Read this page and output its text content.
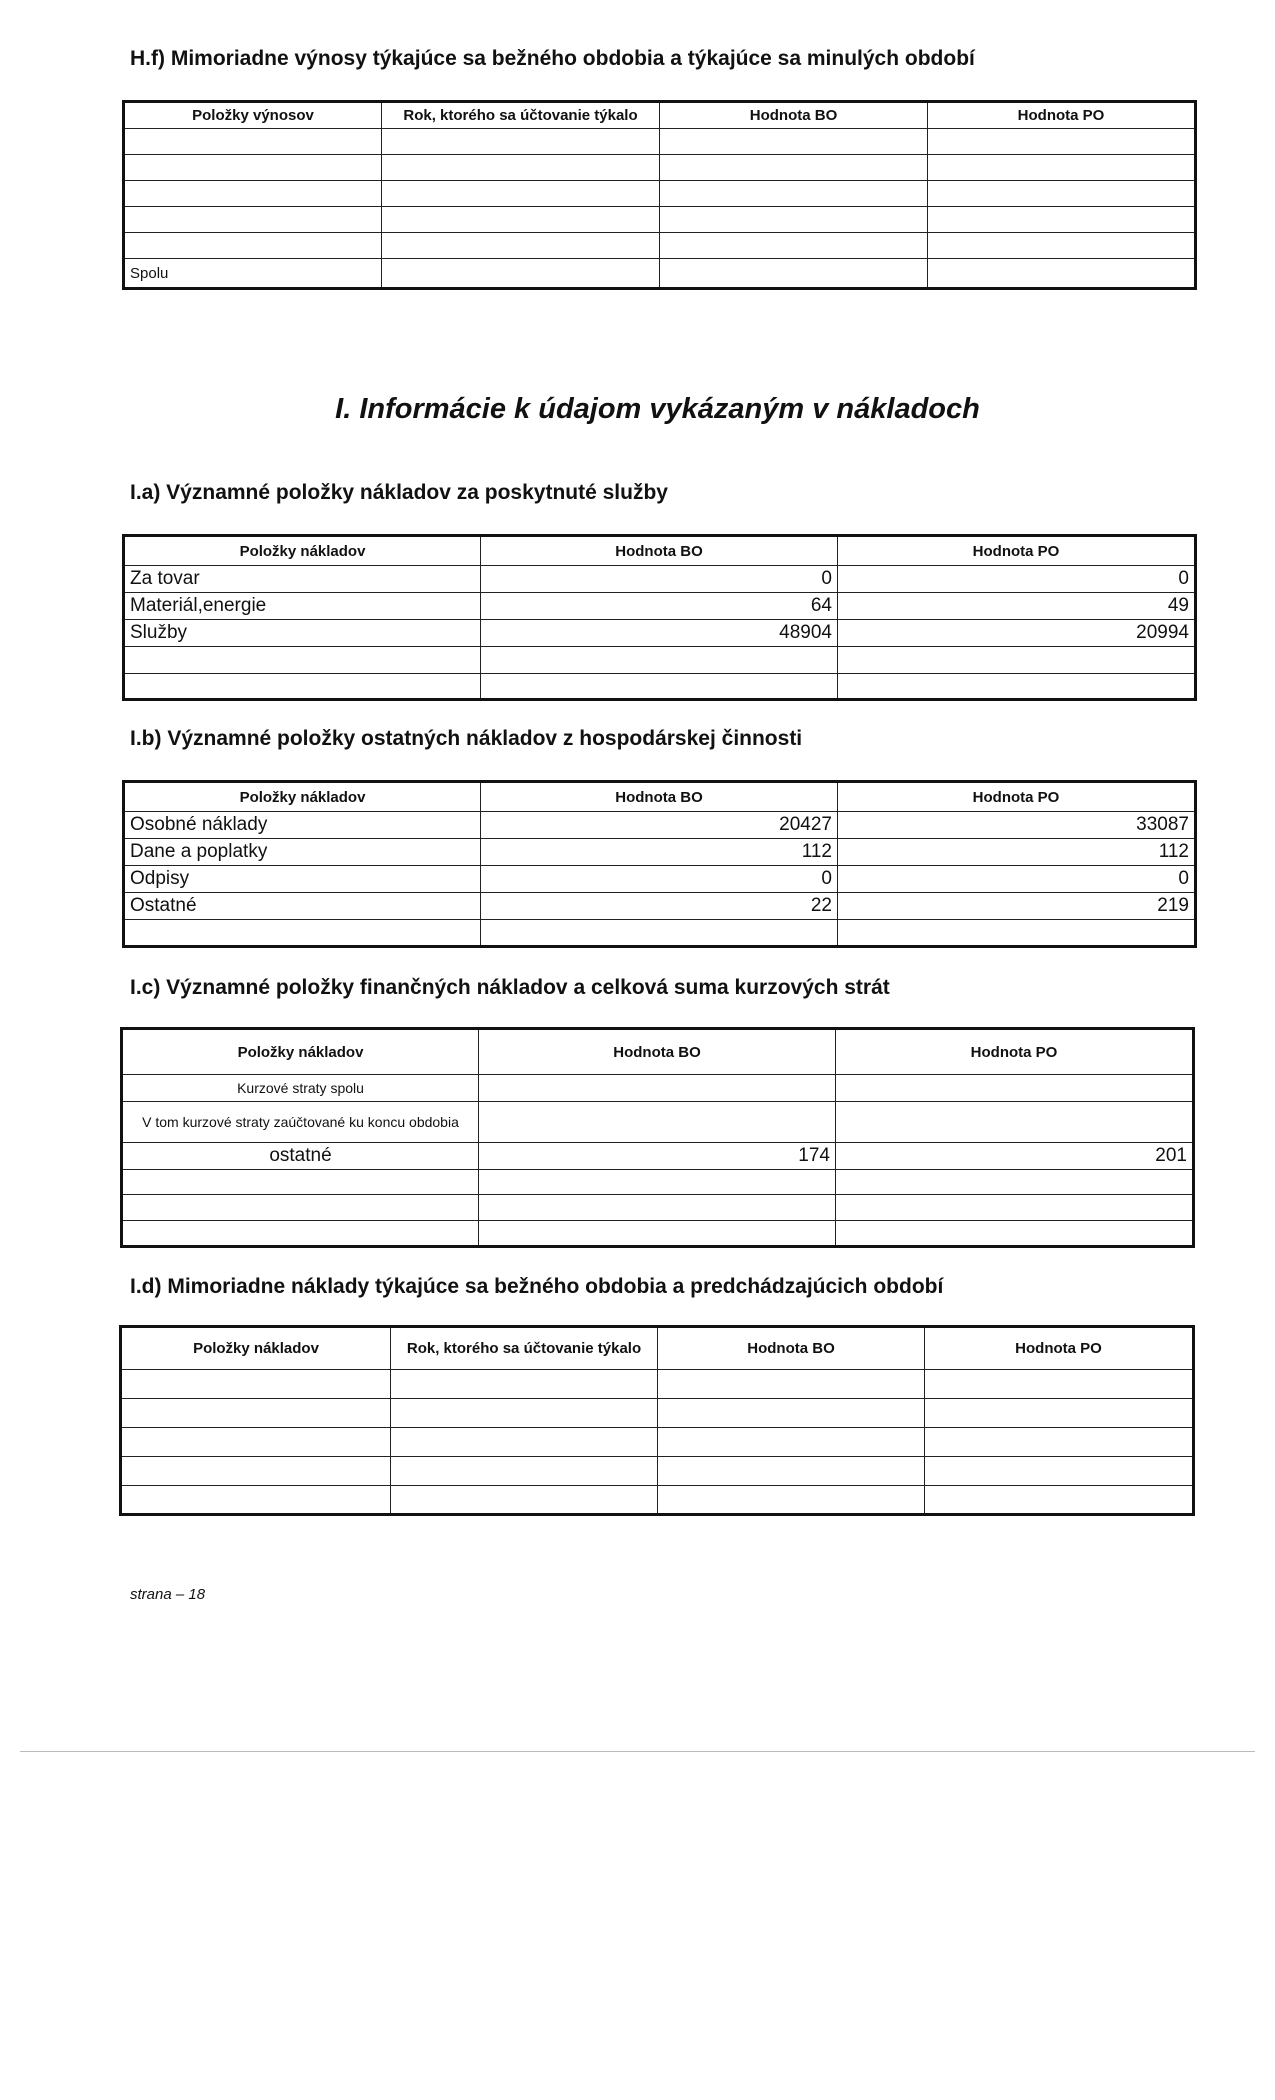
H.f) Mimoriadne výnosy týkajúce sa bežného obdobia a týkajúce sa minulých období
Položky výnosov	Rok, ktorého sa účtovanie týkalo	Hodnota BO	Hodnota PO

Spolu			
I. Informácie k údajom vykázaným v nákladoch
I.a) Významné položky nákladov za poskytnuté služby
Položky nákladov	Hodnota BO	Hodnota PO
Za tovar	0	0
Materiál,energie	64	49
Služby	48904	20994

I.b) Významné položky ostatných nákladov z hospodárskej činnosti
Položky nákladov	Hodnota BO	Hodnota PO
Osobné náklady	20427	33087
Dane a poplatky	112	112
Odpisy	0	0
Ostatné	22	219

I.c) Významné položky finančných nákladov a celková suma kurzových strát
Položky nákladov	Hodnota BO	Hodnota PO
Kurzové straty spolu		
V tom kurzové straty zaúčtované ku koncu obdobia		
ostatné	174	201

I.d) Mimoriadne náklady týkajúce sa bežného obdobia a predchádzajúcich období
Položky nákladov	Rok, ktorého sa účtovanie týkalo	Hodnota BO	Hodnota PO

strana – 18
